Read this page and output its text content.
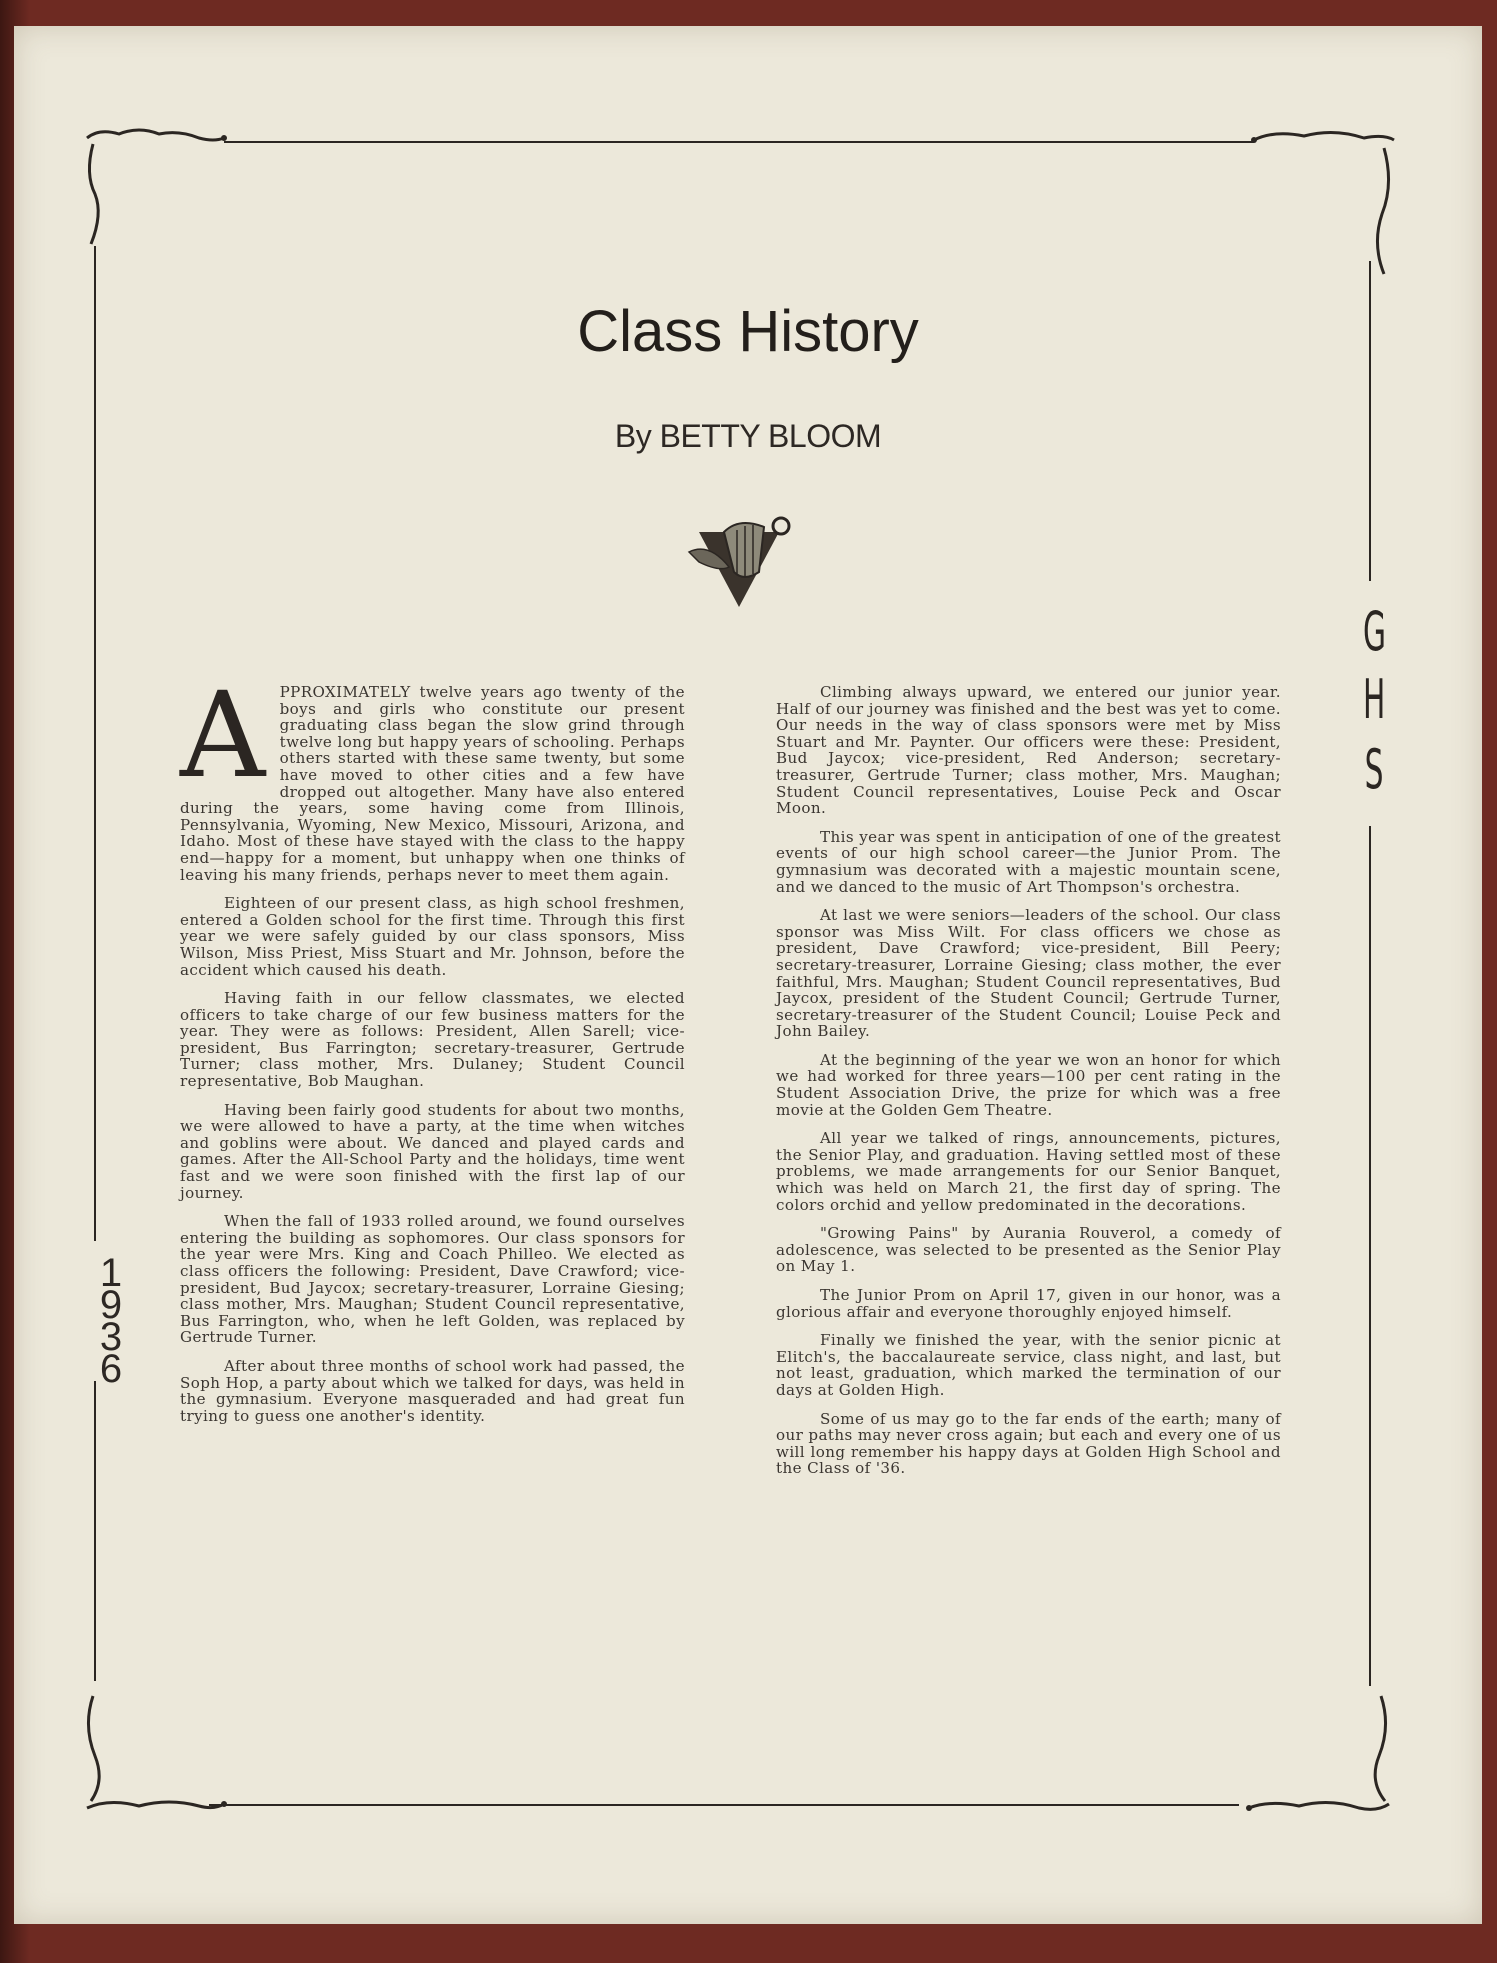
Class History
By BETTY BLOOM
1
9
3
6
G
H
S

APPROXIMATELY twelve years ago twenty of the boys and girls who constitute our present graduating class began the slow grind through twelve long but happy years of schooling. Perhaps others started with these same twenty, but some have moved to other cities and a few have dropped out altogether. Many have also entered during the years, some having come from Illinois, Pennsylvania, Wyoming, New Mexico, Missouri, Arizona, and Idaho. Most of these have stayed with the class to the happy end—happy for a moment, but unhappy when one thinks of leaving his many friends, perhaps never to meet them again.

Eighteen of our present class, as high school freshmen, entered a Golden school for the first time. Through this first year we were safely guided by our class sponsors, Miss Wilson, Miss Priest, Miss Stuart and Mr. Johnson, before the accident which caused his death.

Having faith in our fellow classmates, we elected officers to take charge of our few business matters for the year. They were as follows: President, Allen Sarell; vice-president, Bus Farrington; secretary-treasurer, Gertrude Turner; class mother, Mrs. Dulaney; Student Council representative, Bob Maughan.

Having been fairly good students for about two months, we were allowed to have a party, at the time when witches and goblins were about. We danced and played cards and games. After the All-School Party and the holidays, time went fast and we were soon finished with the first lap of our journey.

When the fall of 1933 rolled around, we found ourselves entering the building as sophomores. Our class sponsors for the year were Mrs. King and Coach Philleo. We elected as class officers the following: President, Dave Crawford; vice-president, Bud Jaycox; secretary-treasurer, Lorraine Giesing; class mother, Mrs. Maughan; Student Council representative, Bus Farrington, who, when he left Golden, was replaced by Gertrude Turner.

After about three months of school work had passed, the Soph Hop, a party about which we talked for days, was held in the gymnasium. Everyone masqueraded and had great fun trying to guess one another's identity.

Climbing always upward, we entered our junior year. Half of our journey was finished and the best was yet to come. Our needs in the way of class sponsors were met by Miss Stuart and Mr. Paynter. Our officers were these: President, Bud Jaycox; vice-president, Red Anderson; secretary-treasurer, Gertrude Turner; class mother, Mrs. Maughan; Student Council representatives, Louise Peck and Oscar Moon.

This year was spent in anticipation of one of the greatest events of our high school career—the Junior Prom. The gymnasium was decorated with a majestic mountain scene, and we danced to the music of Art Thompson's orchestra.

At last we were seniors—leaders of the school. Our class sponsor was Miss Wilt. For class officers we chose as president, Dave Crawford; vice-president, Bill Peery; secretary-treasurer, Lorraine Giesing; class mother, the ever faithful, Mrs. Maughan; Student Council representatives, Bud Jaycox, president of the Student Council; Gertrude Turner, secretary-treasurer of the Student Council; Louise Peck and John Bailey.

At the beginning of the year we won an honor for which we had worked for three years—100 per cent rating in the Student Association Drive, the prize for which was a free movie at the Golden Gem Theatre.

All year we talked of rings, announcements, pictures, the Senior Play, and graduation. Having settled most of these problems, we made arrangements for our Senior Banquet, which was held on March 21, the first day of spring. The colors orchid and yellow predominated in the decorations.

"Growing Pains" by Aurania Rouverol, a comedy of adolescence, was selected to be presented as the Senior Play on May 1.

The Junior Prom on April 17, given in our honor, was a glorious affair and everyone thoroughly enjoyed himself.

Finally we finished the year, with the senior picnic at Elitch's, the baccalaureate service, class night, and last, but not least, graduation, which marked the termination of our days at Golden High.

Some of us may go to the far ends of the earth; many of our paths may never cross again; but each and every one of us will long remember his happy days at Golden High School and the Class of '36.
